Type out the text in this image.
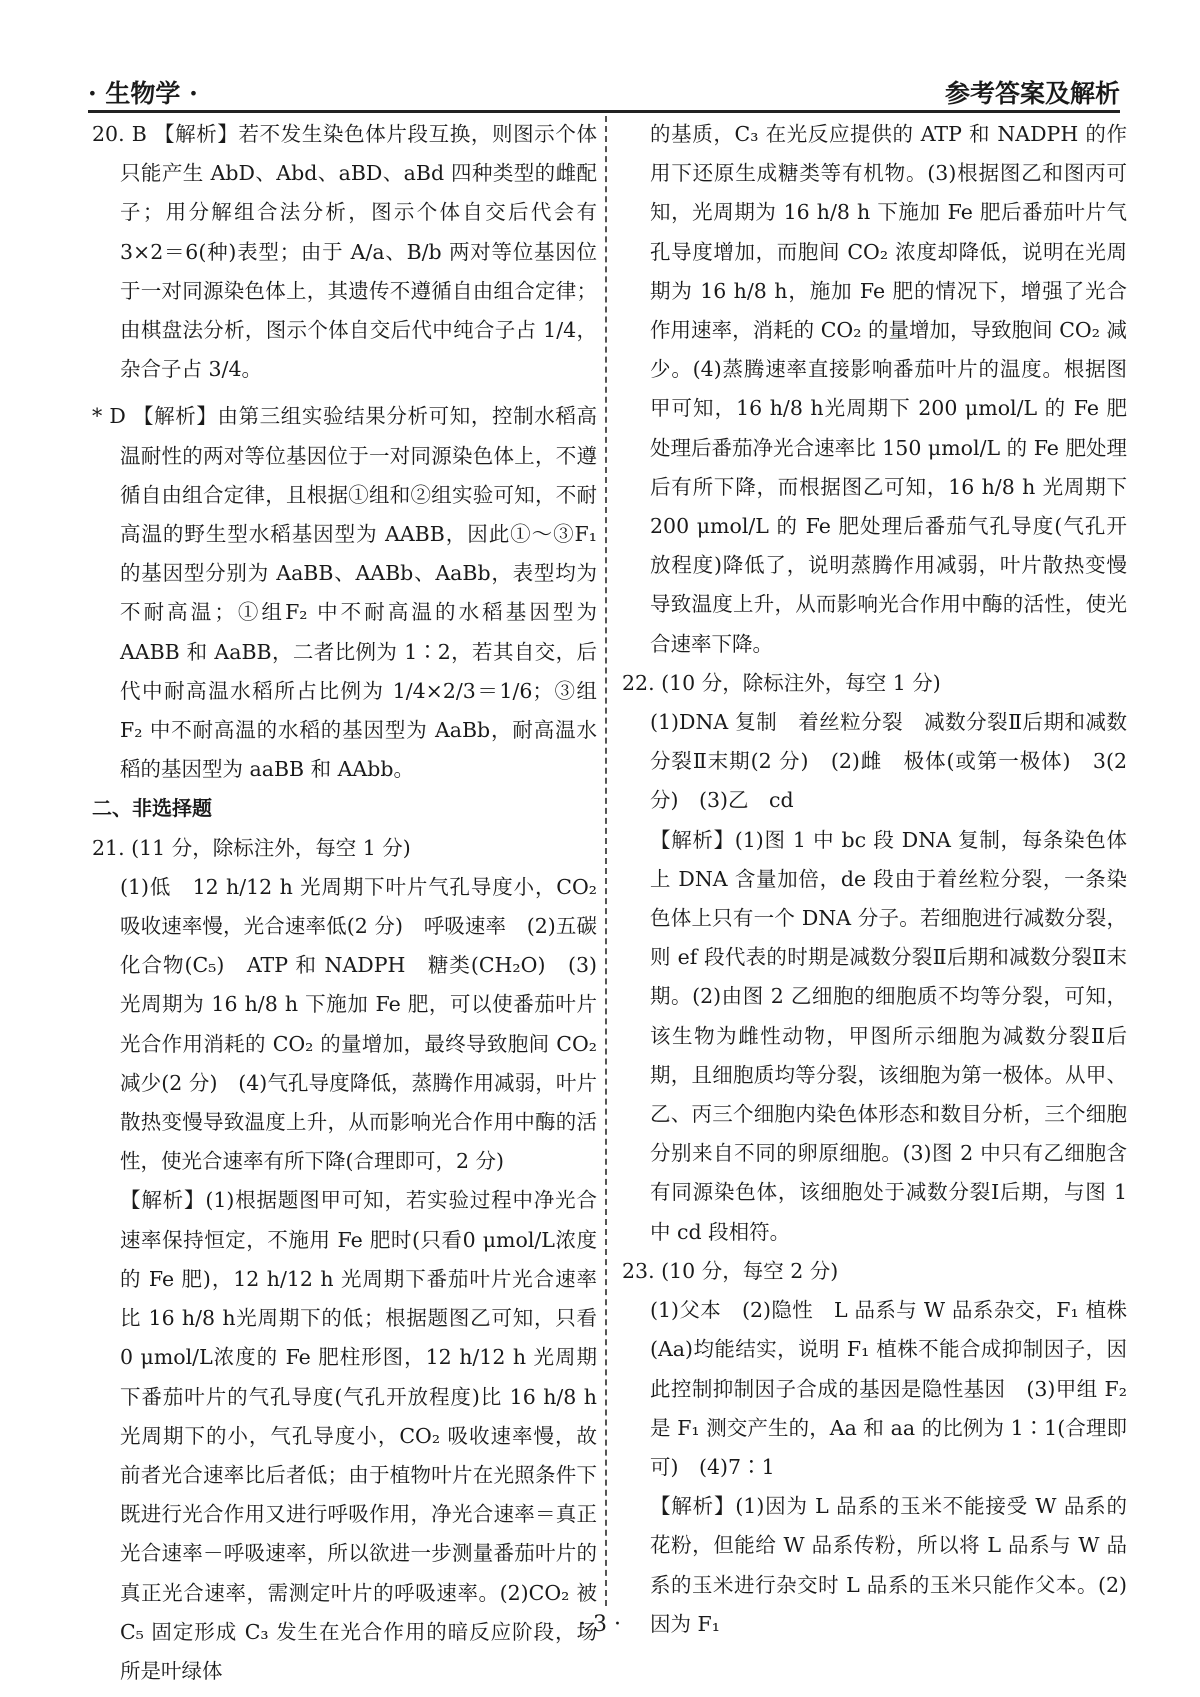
· 生物学 ·	参考答案及解析

20. B 【解析】若不发生染色体片段互换，则图示个体只能产生 AbD、Abd、aBD、aBd 四种类型的雌配子；用分解组合法分析，图示个体自交后代会有 3×2＝6(种)表型；由于 A/a、B/b 两对等位基因位于一对同源染色体上，其遗传不遵循自由组合定律；由棋盘法分析，图示个体自交后代中纯合子占 1/4，杂合子占 3/4。

* D 【解析】由第三组实验结果分析可知，控制水稻高温耐性的两对等位基因位于一对同源染色体上，不遵循自由组合定律，且根据①组和②组实验可知，不耐高温的野生型水稻基因型为 AABB，因此①～③F₁ 的基因型分别为 AaBB、AABb、AaBb，表型均为不耐高温；①组F₂ 中不耐高温的水稻基因型为 AABB 和 AaBB，二者比例为 1∶2，若其自交，后代中耐高温水稻所占比例为 1/4×2/3＝1/6；③组 F₂ 中不耐高温的水稻的基因型为 AaBb，耐高温水稻的基因型为 aaBB 和 AAbb。

二、非选择题

21. (11 分，除标注外，每空 1 分)

(1)低　12 h/12 h 光周期下叶片气孔导度小，CO₂ 吸收速率慢，光合速率低(2 分)　呼吸速率　(2)五碳化合物(C₅)　ATP 和 NADPH　糖类(CH₂O)　(3)光周期为 16 h/8 h 下施加 Fe 肥，可以使番茄叶片光合作用消耗的 CO₂ 的量增加，最终导致胞间 CO₂ 减少(2 分)　(4)气孔导度降低，蒸腾作用减弱，叶片散热变慢导致温度上升，从而影响光合作用中酶的活性，使光合速率有所下降(合理即可，2 分)

【解析】(1)根据题图甲可知，若实验过程中净光合速率保持恒定，不施用 Fe 肥时(只看0 μmol/L浓度的 Fe 肥)，12 h/12 h 光周期下番茄叶片光合速率比 16 h/8 h光周期下的低；根据题图乙可知，只看 0 μmol/L浓度的 Fe 肥柱形图，12 h/12 h 光周期下番茄叶片的气孔导度(气孔开放程度)比 16 h/8 h 光周期下的小，气孔导度小，CO₂ 吸收速率慢，故前者光合速率比后者低；由于植物叶片在光照条件下既进行光合作用又进行呼吸作用，净光合速率＝真正光合速率－呼吸速率，所以欲进一步测量番茄叶片的真正光合速率，需测定叶片的呼吸速率。(2)CO₂ 被 C₅ 固定形成 C₃ 发生在光合作用的暗反应阶段，场所是叶绿体

的基质，C₃ 在光反应提供的 ATP 和 NADPH 的作用下还原生成糖类等有机物。(3)根据图乙和图丙可知，光周期为 16 h/8 h 下施加 Fe 肥后番茄叶片气孔导度增加，而胞间 CO₂ 浓度却降低，说明在光周期为 16 h/8 h，施加 Fe 肥的情况下，增强了光合作用速率，消耗的 CO₂ 的量增加，导致胞间 CO₂ 减少。(4)蒸腾速率直接影响番茄叶片的温度。根据图甲可知，16 h/8 h光周期下 200 μmol/L 的 Fe 肥处理后番茄净光合速率比 150 μmol/L 的 Fe 肥处理后有所下降，而根据图乙可知，16 h/8 h 光周期下 200 μmol/L 的 Fe 肥处理后番茄气孔导度(气孔开放程度)降低了，说明蒸腾作用减弱，叶片散热变慢导致温度上升，从而影响光合作用中酶的活性，使光合速率下降。

22. (10 分，除标注外，每空 1 分)

(1)DNA 复制　着丝粒分裂　减数分裂Ⅱ后期和减数分裂Ⅱ末期(2 分)　(2)雌　极体(或第一极体)　3(2 分)　(3)乙　cd

【解析】(1)图 1 中 bc 段 DNA 复制，每条染色体上 DNA 含量加倍，de 段由于着丝粒分裂，一条染色体上只有一个 DNA 分子。若细胞进行减数分裂，则 ef 段代表的时期是减数分裂Ⅱ后期和减数分裂Ⅱ末期。(2)由图 2 乙细胞的细胞质不均等分裂，可知，该生物为雌性动物，甲图所示细胞为减数分裂Ⅱ后期，且细胞质均等分裂，该细胞为第一极体。从甲、乙、丙三个细胞内染色体形态和数目分析，三个细胞分别来自不同的卵原细胞。(3)图 2 中只有乙细胞含有同源染色体，该细胞处于减数分裂Ⅰ后期，与图 1 中 cd 段相符。

23. (10 分，每空 2 分)

(1)父本　(2)隐性　L 品系与 W 品系杂交，F₁ 植株(Aa)均能结实，说明 F₁ 植株不能合成抑制因子，因此控制抑制因子合成的基因是隐性基因　(3)甲组 F₂ 是 F₁ 测交产生的，Aa 和 aa 的比例为 1∶1(合理即可)　(4)7∶1

【解析】(1)因为 L 品系的玉米不能接受 W 品系的花粉，但能给 W 品系传粉，所以将 L 品系与 W 品系的玉米进行杂交时 L 品系的玉米只能作父本。(2)因为 F₁

· 3 ·
